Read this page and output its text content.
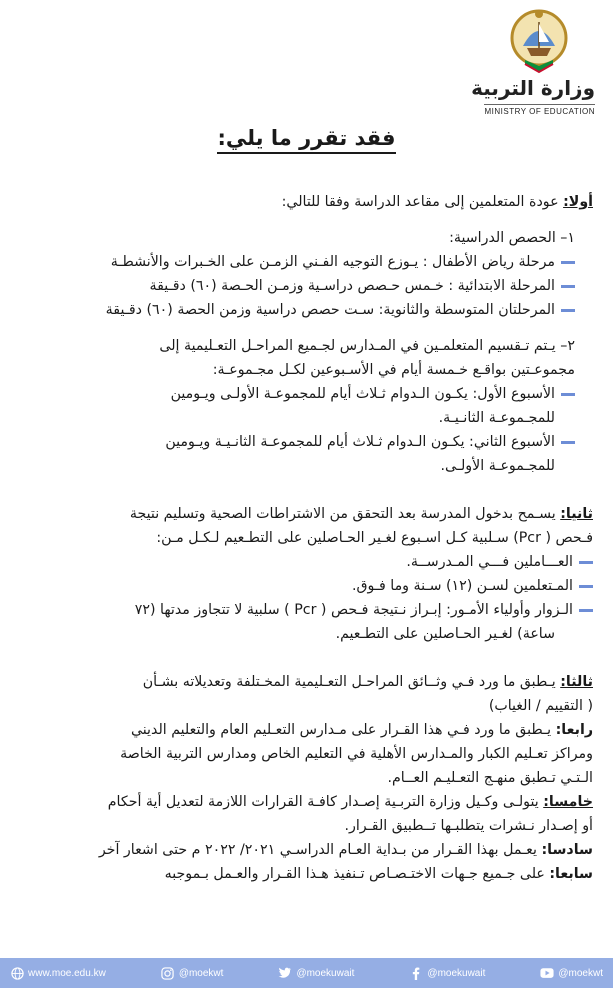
وزارة التربية
MINISTRY OF EDUCATION
فقد تقرر ما يلي:
أولا: عودة المتعلمين إلى مقاعد الدراسة وفقا للتالي:
١– الحصص الدراسية:
مرحلة رياض الأطفال : يـوزع التوجيه الفـني الزمـن على الخـبرات والأنشطـة
المرحلة الابتدائية : خـمس حـصص دراسـية وزمـن الحـصة (٦٠) دقـيقة
المرحلتان المتوسطة والثانوية: سـت حصص دراسية وزمن الحصة (٦٠) دقـيقة
٢– يـتم تـقسيم المتعلمـين في المـدارس لجـميع المراحـل التعـليمية إلى
مجموعـتين بواقـع خـمسة أيام في الأسـبوعين لكـل مجـموعـة:
الأسبوع الأول: يكـون الـدوام ثـلاث أيام للمجموعـة الأولـى ويـومين
للمجـموعـة الثانـيـة.
الأسبوع الثاني: يكـون الـدوام ثـلاث أيام للمجموعـة الثانـيـة ويـومين
للمجـموعـة الأولـى.
ثانيا: يسـمح بدخول المدرسة بعد التحقق من الاشتراطات الصحية وتسليم نتيجة
فـحص ( Pcr) سـلبية كـل اسـبوع لغـير الحـاصلين على التطـعيم لـكـل مـن:
العـــاملين فـــي المـدرســة.
المـتعلمين لسـن (١٢) سـنة وما فـوق.
الـزوار وأولياء الأمـور: إبـراز نـتيجة فـحص ( Pcr ) سلبية لا تتجاوز مدتها (٧٢
ساعة) لغـير الحـاصلين على التطـعيم.
ثالثا: يـطبق ما ورد فـي وثــائق المراحـل التعـليمية المخـتلفة وتعديلاته بشـأن
( التقييم / الغياب)
رابعا: يـطبق ما ورد فـي هذا القـرار على مـدارس التعـليم العام والتعليم الديني
ومراكز تعـليم الكبار والمـدارس الأهلية في التعليم الخاص ومدارس التربية الخاصة
الـتـي تـطبق منهـج التعـليـم العــام.
خامسا: يتولـى وكـيل وزارة التربـية إصـدار كافـة القرارات اللازمة لتعديل أية أحكام
أو إصـدار نـشرات يتطلبـها تــطبيق القـرار.
سادسا: يعـمل بهذا القـرار من بـداية العـام الدراسـي ٢٠٢١/ ٢٠٢٢ م حتى اشعار آخر
سابعا: على جـميع جـهات الاختـصـاص تـنفيذ هـذا القـرار والعـمل بـموجبه
www.moe.edu.kw	@moekwt	@moekuwait	@moekuwait	@moekwt
